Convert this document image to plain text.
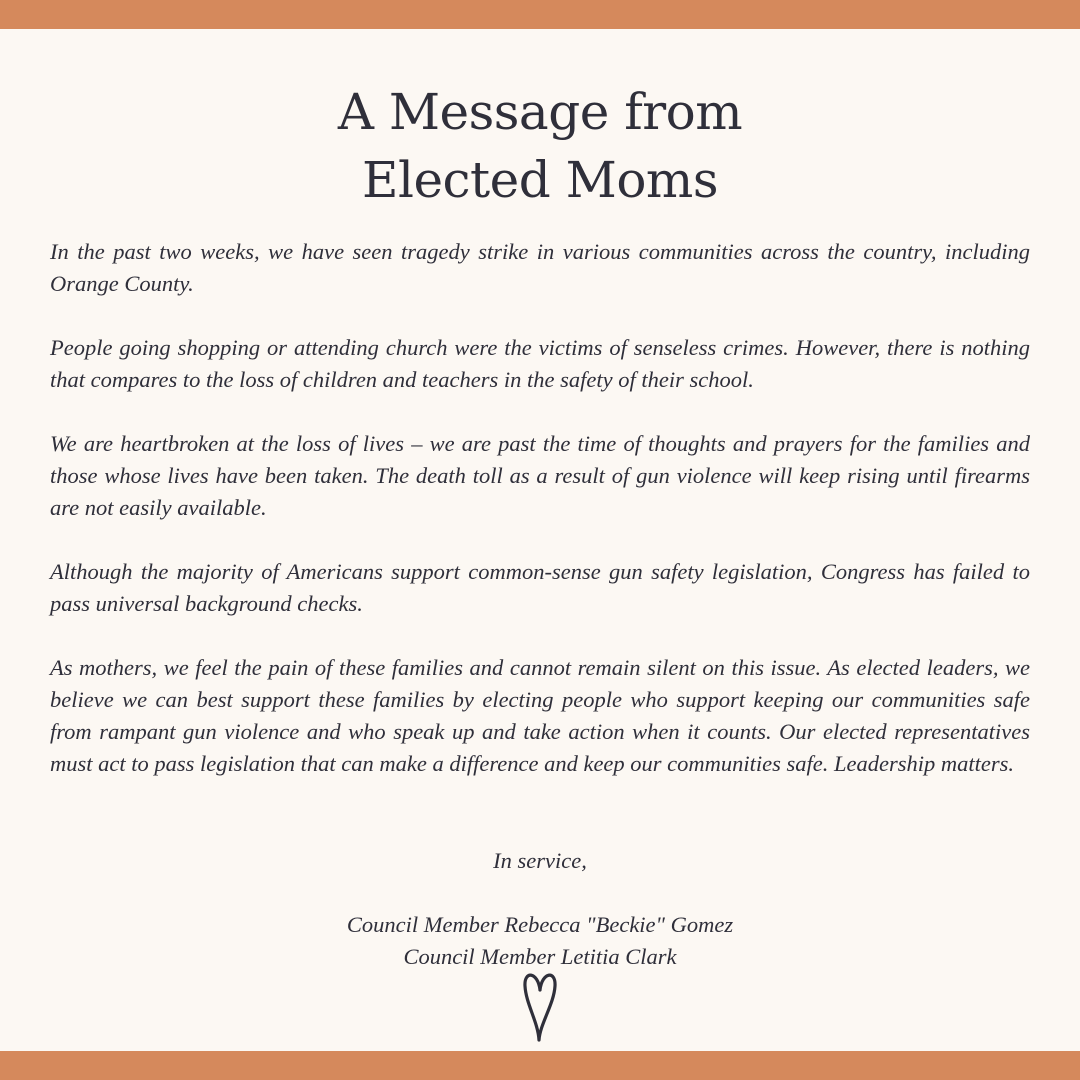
A Message from
Elected Moms

In the past two weeks, we have seen tragedy strike in various communities across the country, including Orange County.

People going shopping or attending church were the victims of senseless crimes. However, there is nothing that compares to the loss of children and teachers in the safety of their school.

We are heartbroken at the loss of lives – we are past the time of thoughts and prayers for the families and those whose lives have been taken. The death toll as a result of gun violence will keep rising until firearms are not easily available.

Although the majority of Americans support common-sense gun safety legislation, Congress has failed to pass universal background checks.

As mothers, we feel the pain of these families and cannot remain silent on this issue. As elected leaders, we believe we can best support these families by electing people who support keeping our communities safe from rampant gun violence and who speak up and take action when it counts. Our elected representatives must act to pass legislation that can make a difference and keep our communities safe. Leadership matters.

In service,

Council Member Rebecca "Beckie" Gomez
Council Member Letitia Clark
